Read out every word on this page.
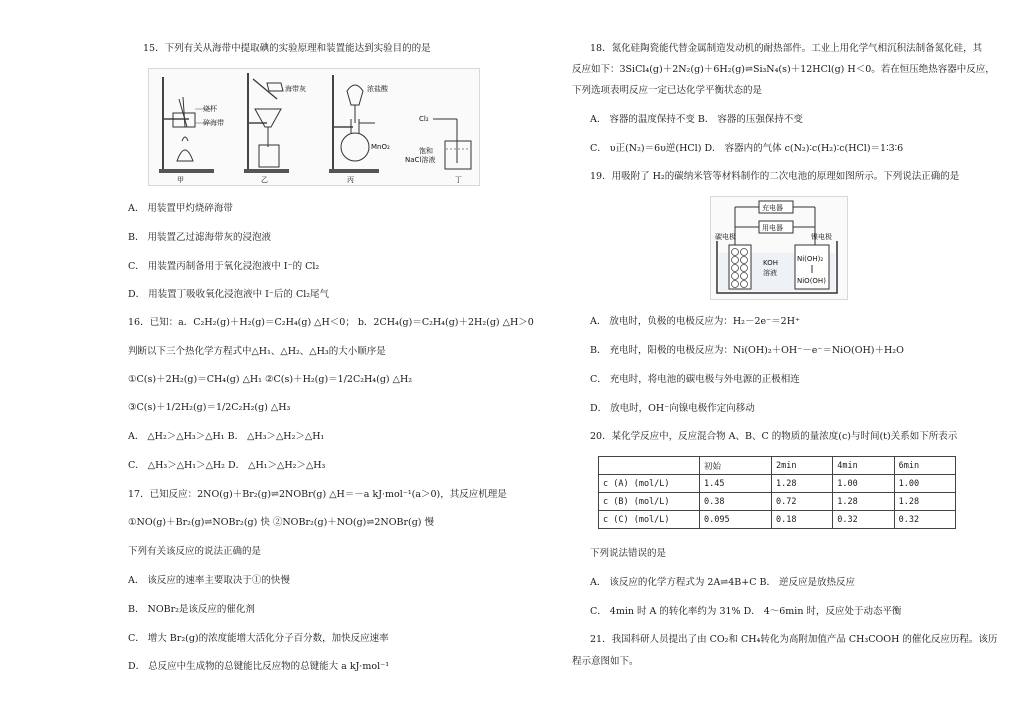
15．下列有关从海带中提取碘的实验原理和装置能达到实验目的的是
烧杯
碎海带
海带灰	浓盐酸
MnO₂
Cl₂
饱和
NaCl溶液
甲	乙	丙	丁
A． 用装置甲灼烧碎海带
B． 用装置乙过滤海带灰的浸泡液
C． 用装置丙制备用于氧化浸泡液中 I⁻的 Cl₂
D． 用装置丁吸收氧化浸泡液中 I⁻后的 Cl₂尾气
16．已知：a．C₂H₂(g)＋H₂(g)＝C₂H₄(g) △H＜0； b．2CH₄(g)＝C₂H₄(g)＋2H₂(g) △H＞0
判断以下三个热化学方程式中△H₁、△H₂、△H₃的大小顺序是
①C(s)＋2H₂(g)＝CH₄(g) △H₁ ②C(s)＋H₂(g)＝1/2C₂H₄(g) △H₂
③C(s)＋1/2H₂(g)＝1/2C₂H₂(g) △H₃
A． △H₂＞△H₃＞△H₁ B． △H₃＞△H₂＞△H₁
C． △H₃＞△H₁＞△H₂ D． △H₁＞△H₂＞△H₃
17．已知反应：2NO(g)＋Br₂(g)⇌2NOBr(g) △H＝－a kJ·mol⁻¹(a＞0)，其反应机理是
①NO(g)＋Br₂(g)⇌NOBr₂(g) 快 ②NOBr₂(g)＋NO(g)⇌2NOBr(g) 慢
下列有关该反应的说法正确的是
A． 该反应的速率主要取决于①的快慢
B． NOBr₂是该反应的催化剂
C． 增大 Br₂(g)的浓度能增大活化分子百分数，加快反应速率
D． 总反应中生成物的总键能比反应物的总键能大 a kJ·mol⁻¹
18．氮化硅陶瓷能代替金属制造发动机的耐热部件。工业上用化学气相沉积法制备氮化硅，其
反应如下：3SiCl₄(g)＋2N₂(g)＋6H₂(g)⇌Si₃N₄(s)＋12HCl(g) H＜0。若在恒压绝热容器中反应，
下列选项表明反应一定已达化学平衡状态的是
A． 容器的温度保持不变 B． 容器的压强保持不变
C． υ正(N₂)＝6υ逆(HCl) D． 容器内的气体 c(N₂)∶c(H₂)∶c(HCl)＝1∶3∶6
19．用吸附了 H₂的碳纳米管等材料制作的二次电池的原理如图所示。下列说法正确的是
充电器
用电器
碳电极	镍电极
KOH
溶液
Ni(OH)₂
NiO(OH)
A． 放电时，负极的电极反应为：H₂－2e⁻＝2H⁺
B． 充电时，阳极的电极反应为：Ni(OH)₂＋OH⁻－e⁻＝NiO(OH)＋H₂O
C． 充电时，将电池的碳电极与外电源的正极相连
D． 放电时，OH⁻向镍电极作定向移动
20．某化学反应中，反应混合物 A、B、C 的物质的量浓度(c)与时间(t)关系如下所表示
	初始	2min	4min	6min
c (A) (mol/L)	1.45	1.28	1.00	1.00
c (B) (mol/L)	0.38	0.72	1.28	1.28
c (C) (mol/L)	0.095	0.18	0.32	0.32
下列说法错误的是
A． 该反应的化学方程式为 2A⇌4B+C B． 逆反应是放热反应
C． 4min 时 A 的转化率约为 31% D． 4～6min 时，反应处于动态平衡
21．我国科研人员提出了由 CO₂和 CH₄转化为高附加值产品 CH₃COOH 的催化反应历程。该历
程示意图如下。
